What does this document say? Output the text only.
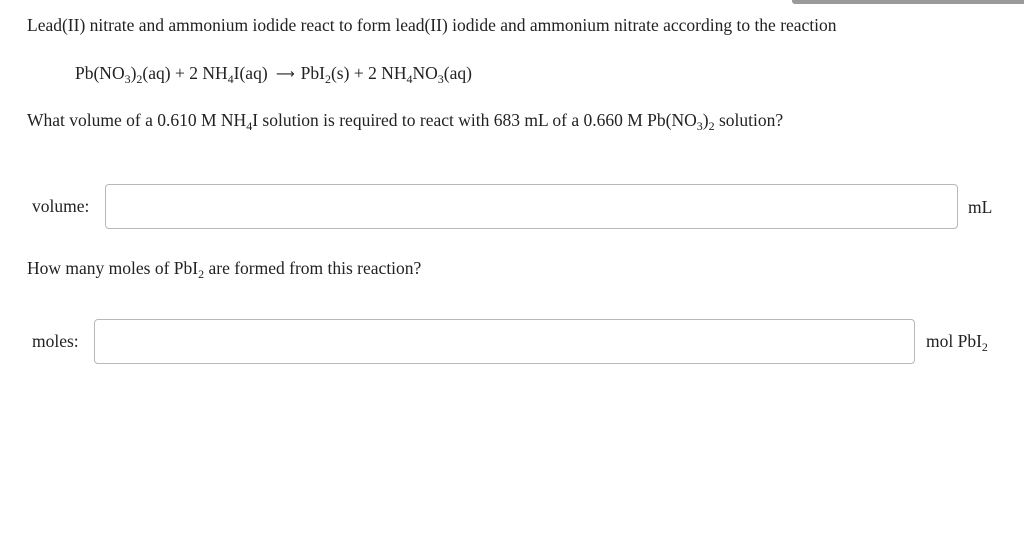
Lead(II) nitrate and ammonium iodide react to form lead(II) iodide and ammonium nitrate according to the reaction
$Pb(NO_3)_2(aq) + 2$ $NH_4I(aq)$ ⟶ PbI$_2$(s) + 2 $NH_4NO_3(aq)$
What volume of a 0.610 M $NH_4I$ solution is required to react with 683 mL of a 0.660 M $Pb(NO_3)_2$ solution?
volume:	mL
How many moles of PbI$_2$ are formed from this reaction?
moles:	mol PbI$_2$
